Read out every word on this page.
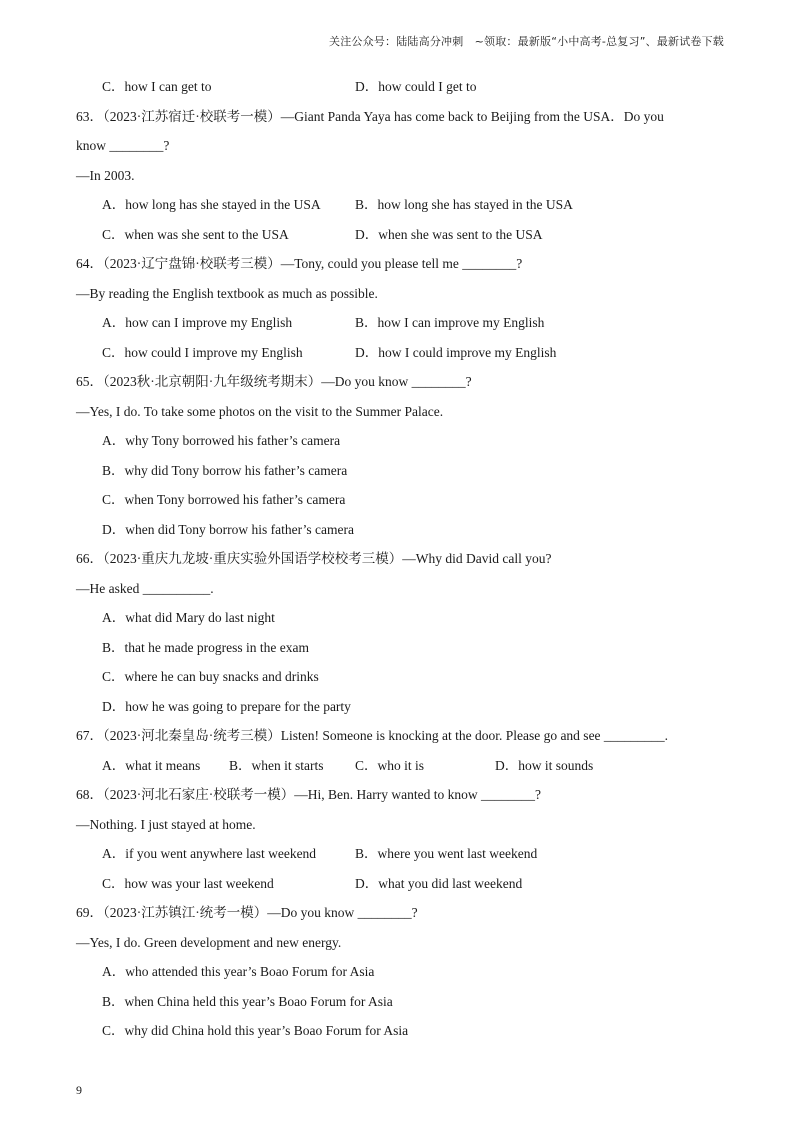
关注公众号：陆陆高分冲刺　~领取：最新版“小中高考-总复习”、最新试卷下载
C．how I can get to	D．how could I get to
63．（2023·江苏宿迁·校联考一模）—Giant Panda Yaya has come back to Beijing from the USA．Do you
know ________?
—In 2003.
A．how long has she stayed in the USA	B．how long she has stayed in the USA
C．when was she sent to the USA	D．when she was sent to the USA
64．（2023·辽宁盘锦·校联考三模）—Tony, could you please tell me ________?
—By reading the English textbook as much as possible.
A．how can I improve my English	B．how I can improve my English
C．how could I improve my English	D．how I could improve my English
65．（2023秋·北京朝阳·九年级统考期末）—Do you know ________?
—Yes, I do. To take some photos on the visit to the Summer Palace.
A．why Tony borrowed his father’s camera
B．why did Tony borrow his father’s camera
C．when Tony borrowed his father’s camera
D．when did Tony borrow his father’s camera
66．（2023·重庆九龙坡·重庆实验外国语学校校考三模）—Why did David call you?
—He asked __________.
A．what did Mary do last night
B．that he made progress in the exam
C．where he can buy snacks and drinks
D．how he was going to prepare for the party
67．（2023·河北秦皇岛·统考三模）Listen! Someone is knocking at the door. Please go and see _________.
A．what it means	B．when it starts	C．who it is	D．how it sounds
68．（2023·河北石家庄·校联考一模）—Hi, Ben. Harry wanted to know ________?
—Nothing. I just stayed at home.
A．if you went anywhere last weekend	B．where you went last weekend
C．how was your last weekend	D．what you did last weekend
69．（2023·江苏镇江·统考一模）—Do you know ________?
—Yes, I do. Green development and new energy.
A．who attended this year’s Boao Forum for Asia
B．when China held this year’s Boao Forum for Asia
C．why did China hold this year’s Boao Forum for Asia
9
